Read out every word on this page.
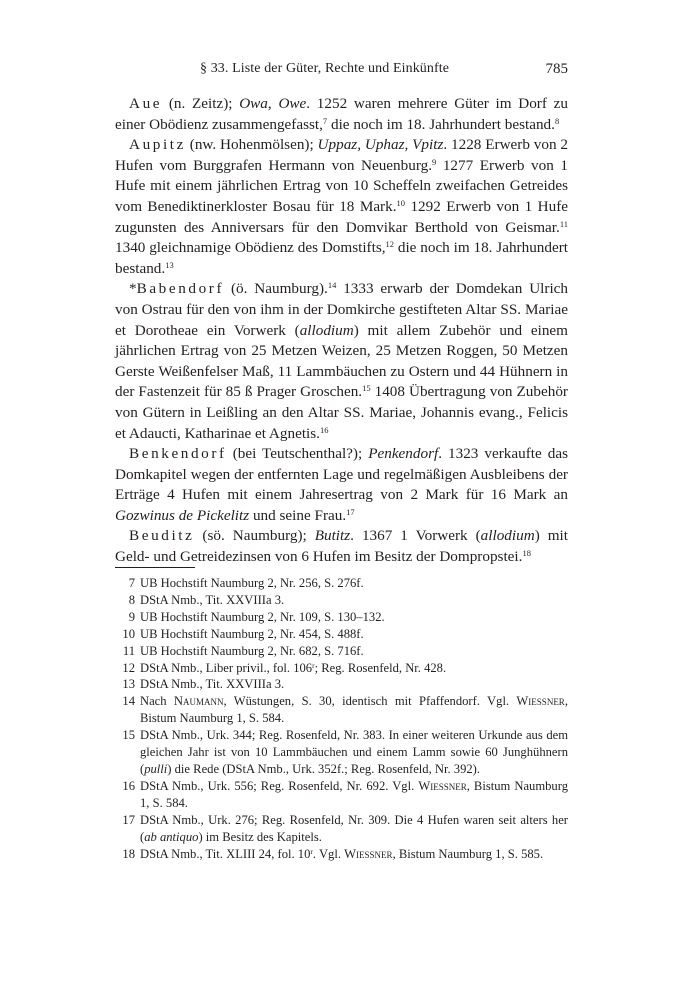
§ 33. Liste der Güter, Rechte und Einkünfte	785

Aue (n. Zeitz); Owa, Owe. 1252 waren mehrere Güter im Dorf zu einer Obödienz zusammengefasst,$^7$ die noch im 18. Jahrhundert bestand.$^8$

Aupitz (nw. Hohenmölsen); Uppaz, Uphaz, Vpitz. 1228 Erwerb von 2 Hufen vom Burggrafen Hermann von Neuenburg.$^9$ 1277 Erwerb von 1 Hufe mit einem jährlichen Ertrag von 10 Scheffeln zweifachen Getreides vom Benediktinerkloster Bosau für 18 Mark.$^{10}$ 1292 Erwerb von 1 Hufe zugunsten des Anniversars für den Domvikar Berthold von Geismar.$^{11}$ 1340 gleichnamige Obödienz des Domstifts,$^{12}$ die noch im 18. Jahrhundert bestand.$^{13}$

*Babendorf (ö. Naumburg).$^{14}$ 1333 erwarb der Domdekan Ulrich von Ostrau für den von ihm in der Domkirche gestifteten Altar SS. Mariae et Dorotheae ein Vorwerk (allodium) mit allem Zubehör und einem jährlichen Ertrag von 25 Metzen Weizen, 25 Metzen Roggen, 50 Metzen Gerste Weißenfelser Maß, 11 Lammbäuchen zu Ostern und 44 Hühnern in der Fastenzeit für 85 ß Prager Groschen.$^{15}$ 1408 Übertragung von Zubehör von Gütern in Leißling an den Altar SS. Mariae, Johannis evang., Felicis et Adaucti, Katharinae et Agnetis.$^{16}$

Benkendorf (bei Teutschenthal?); Penkendorf. 1323 verkaufte das Domkapitel wegen der entfernten Lage und regelmäßigen Ausbleibens der Erträge 4 Hufen mit einem Jahresertrag von 2 Mark für 16 Mark an Gozwinus de Pickelitz und seine Frau.$^{17}$

Beuditz (sö. Naumburg); Butitz. 1367 1 Vorwerk (allodium) mit Geld- und Getreidezinsen von 6 Hufen im Besitz der Dompropstei.$^{18}$

7 UB Hochstift Naumburg 2, Nr. 256, S. 276f.
8 DStA Nmb., Tit. XXVIIIa 3.
9 UB Hochstift Naumburg 2, Nr. 109, S. 130–132.
10 UB Hochstift Naumburg 2, Nr. 454, S. 488f.
11 UB Hochstift Naumburg 2, Nr. 682, S. 716f.
12 DStA Nmb., Liber privil., fol. 106$^r$; Reg. Rosenfeld, Nr. 428.
13 DStA Nmb., Tit. XXVIIIa 3.
14 Nach Naumann, Wüstungen, S. 30, identisch mit Pfaffendorf. Vgl. Wiessner, Bistum Naumburg 1, S. 584.
15 DStA Nmb., Urk. 344; Reg. Rosenfeld, Nr. 383. In einer weiteren Urkunde aus dem gleichen Jahr ist von 10 Lammbäuchen und einem Lamm sowie 60 Junghühnern (pulli) die Rede (DStA Nmb., Urk. 352f.; Reg. Rosenfeld, Nr. 392).
16 DStA Nmb., Urk. 556; Reg. Rosenfeld, Nr. 692. Vgl. Wiessner, Bistum Naumburg 1, S. 584.
17 DStA Nmb., Urk. 276; Reg. Rosenfeld, Nr. 309. Die 4 Hufen waren seit alters her (ab antiquo) im Besitz des Kapitels.
18 DStA Nmb., Tit. XLIII 24, fol. 10$^r$. Vgl. Wiessner, Bistum Naumburg 1, S. 585.
